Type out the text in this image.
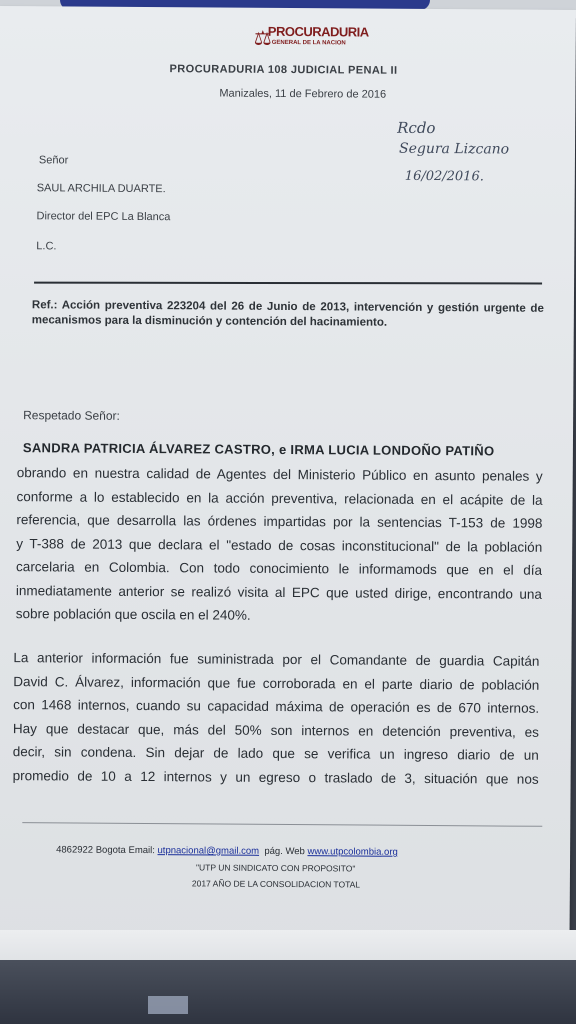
⚖
PROCURADURIA
GENERAL DE LA NACION
PROCURADURIA 108 JUDICIAL PENAL II
Manizales, 11 de Febrero de 2016
Rcdo
Segura Lizcano
16/02/2016.
Señor
SAUL ARCHILA DUARTE.
Director del EPC La Blanca
L.C.
Ref.: Acción preventiva 223204 del 26 de Junio de 2013, intervención y gestión urgente de mecanismos para la disminución y contención del hacinamiento.
Respetado Señor:
SANDRA PATRICIA ÁLVAREZ CASTRO, e IRMA LUCIA LONDOÑO PATIÑO
obrando en nuestra calidad de Agentes del Ministerio Público en asunto penales y
conforme a lo establecido en la acción preventiva, relacionada en el acápite de la
referencia, que desarrolla las órdenes impartidas por la sentencias T-153 de 1998
y T-388 de 2013 que declara el "estado de cosas inconstitucional" de la población
carcelaria en Colombia. Con todo conocimiento le informamods que en el día
inmediatamente anterior se realizó visita al EPC que usted dirige, encontrando una
sobre población que oscila en el 240%.
La anterior información fue suministrada por el Comandante de guardia Capitán
David C. Álvarez, información que fue corroborada en el parte diario de población
con 1468 internos, cuando su capacidad máxima de operación es de 670 internos.
Hay que destacar que, más del 50% son internos en detención preventiva, es
decir, sin condena. Sin dejar de lado que se verifica un ingreso diario de un
promedio de 10 a 12 internos y un egreso o traslado de 3, situación que nos
4862922 Bogota Email: utpnacional@gmail.com pág. Web www.utpcolombia.org
"UTP UN SINDICATO CON PROPOSITO"
2017 AÑO DE LA CONSOLIDACION TOTAL
